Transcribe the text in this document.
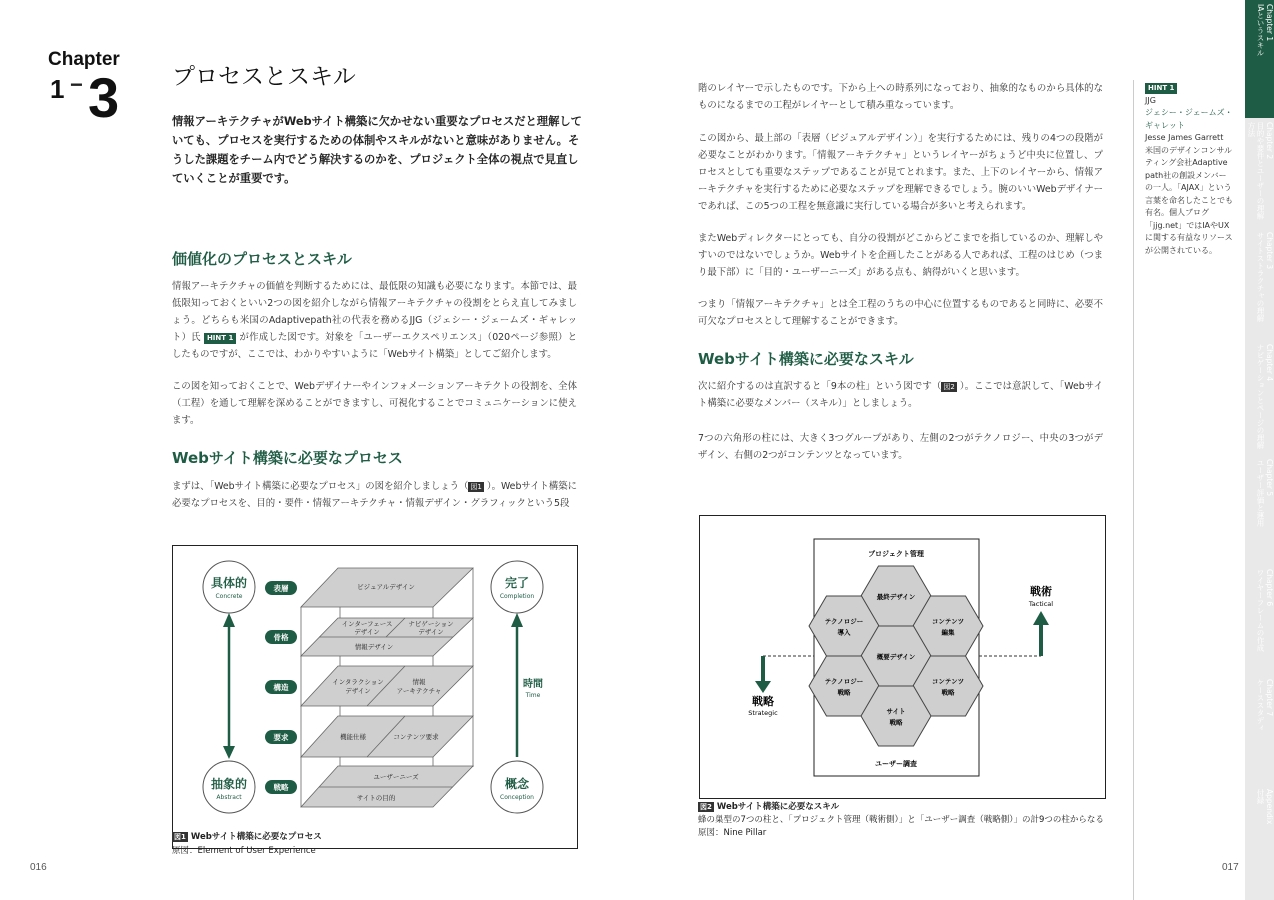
Chapter
1 − 3 プロセスとスキル
情報アーキテクチャがWebサイト構築に欠かせない重要なプロセスだと理解していても、プロセスを実行するための体制やスキルがないと意味がありません。そうした課題をチーム内でどう解決するのかを、プロジェクト全体の視点で見直していくことが重要です。
価値化のプロセスとスキル
情報アーキテクチャの価値を判断するためには、最低限の知識も必要になります。本節では、最低限知っておくといい2つの図を紹介しながら情報アーキテクチャの役割をとらえ直してみましょう。どちらも米国のAdaptivepath社の代表を務めるJJG（ジェシー・ジェームズ・ギャレット）氏 HINT 1 が作成した図です。対象を「ユーザーエクスペリエンス」（020ページ参照）としたものですが、ここでは、わかりやすいように「Webサイト構築」としてご紹介します。
この図を知っておくことで、Webデザイナーやインフォメーションアーキテクトの役割を、全体（工程）を通して理解を深めることができますし、可視化することでコミュニケーションに使えます。
Webサイト構築に必要なプロセス
まずは、「Webサイト構築に必要なプロセス」の図を紹介しましょう（ 図1 ）。Webサイト構築に必要なプロセスを、目的・要件・情報アーキテクチャ・情報デザイン・グラフィックという5段
具体的
Concrete
抽象的
Abstract
完了
Completion
概念
Conception
時間
Time
表層
骨格
構造
要求
戦略
ビジュアルデザイン
インターフェース
デザイン
ナビゲーション
デザイン
情報デザイン
インタラクション
デザイン
情報
アーキテクチャ
機能仕様	コンテンツ要求
ユーザーニーズ
サイトの目的
図1 Webサイト構築に必要なプロセス
原図：Element of User Experience
016
階のレイヤーで示したものです。下から上への時系列になっており、抽象的なものから具体的なものになるまでの工程がレイヤーとして積み重なっています。
この図から、最上部の「表層（ビジュアルデザイン）」を実行するためには、残りの4つの段階が必要なことがわかります。「情報アーキテクチャ」というレイヤーがちょうど中央に位置し、プロセスとしても重要なステップであることが見てとれます。また、上下のレイヤーから、情報アーキテクチャを実行するために必要なステップを理解できるでしょう。腕のいいWebデザイナーであれば、この5つの工程を無意識に実行している場合が多いと考えられます。
またWebディレクターにとっても、自分の役割がどこからどこまでを指しているのか、理解しやすいのではないでしょうか。Webサイトを企画したことがある人であれば、工程のはじめ（つまり最下部）に「目的・ユーザーニーズ」がある点も、納得がいくと思います。
つまり「情報アーキテクチャ」とは全工程のうちの中心に位置するものであると同時に、必要不可欠なプロセスとして理解することができます。
Webサイト構築に必要なスキル
次に紹介するのは直訳すると「9本の柱」という図です（ 図2 ）。ここでは意訳して、「Webサイト構築に必要なメンバー（スキル）」としましょう。
7つの六角形の柱には、大きく3つグループがあり、左側の2つがテクノロジー、中央の3つがデザイン、右側の2つがコンテンツとなっています。
プロジェクト管理
ユーザー調査
戦略
Strategic
戦術
Tactical
最終デザイン
テクノロジー
導入
コンテンツ
編集
概要デザイン
テクノロジー
戦略
コンテンツ
戦略
サイト
戦略
図2 Webサイト構築に必要なスキル
蜂の巣型の7つの柱と、「プロジェクト管理（戦術側）」と「ユーザー調査（戦略側）」の計9つの柱からなる
原図：Nine Pillar
017
HINT 1
JJG
ジェシー・ジェームズ・ギャレット
Jesse James Garrett
米国のデザインコンサルティング会社Adaptive path社の創設メンバーの一人。「AJAX」という言葉を命名したことでも有名。個人ブログ「jjg.net」ではIAやUXに関する有益なリソースが公開されている。
Chapter 1
IAというスキル
Chapter 2
目的や要件とユーザーの理解方法
Chapter 3
サイトストラクチャの理解
Chapter 4
ナビゲーションとページの理解
Chapter 5
ユーザー評価と運用
Chapter 6
ワイヤーフレームの作成
Chapter 7
ケーススタディ
Appendix
付録
